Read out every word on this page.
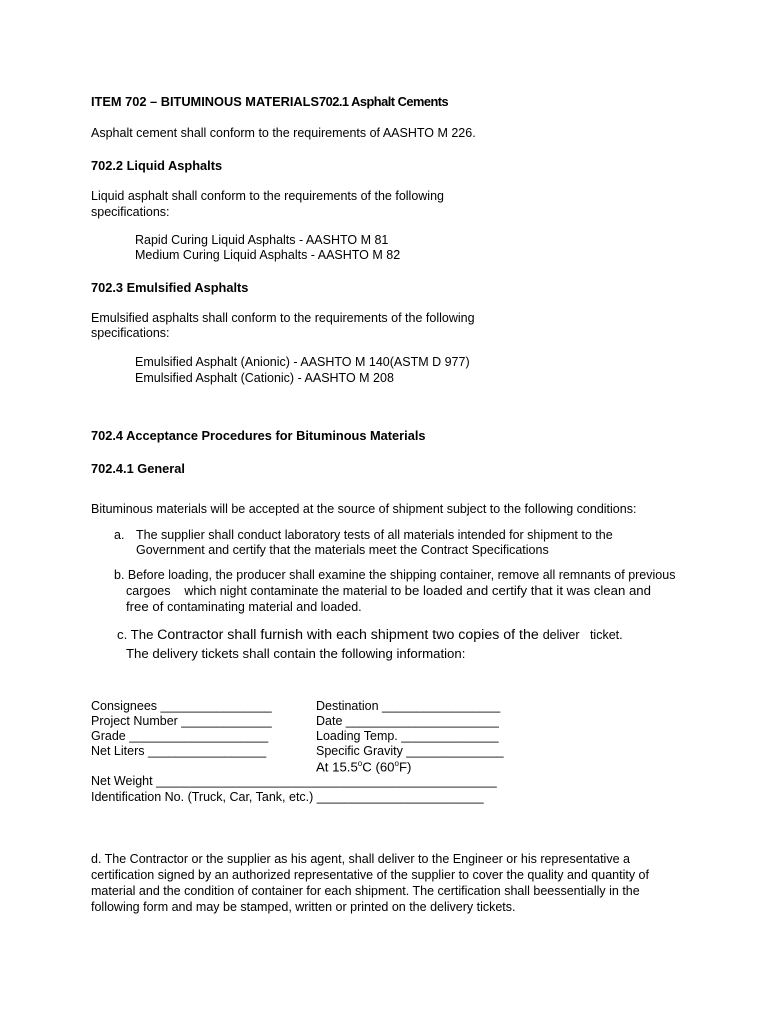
ITEM 702 – BITUMINOUS MATERIALS702.1 Asphalt Cements
Asphalt cement shall conform to the requirements of AASHTO M 226.
702.2 Liquid Asphalts
Liquid asphalt shall conform to the requirements of the following
specifications:
Rapid Curing Liquid Asphalts - AASHTO M 81
Medium Curing Liquid Asphalts - AASHTO M 82
702.3 Emulsified Asphalts
Emulsified asphalts shall conform to the requirements of the following
specifications:
Emulsified Asphalt (Anionic) - AASHTO M 140(ASTM D 977)
Emulsified Asphalt (Cationic) - AASHTO M 208
702.4 Acceptance Procedures for Bituminous Materials
702.4.1 General
Bituminous materials will be accepted at the source of shipment subject to the following conditions:
a. The supplier shall conduct laboratory tests of all materials intended for shipment to the
Government and certify that the materials meet the Contract Specifications
b. Before loading, the producer shall examine the shipping container, remove all remnants of previous
cargoes    which night contaminate the material to be loaded and certify that it was clean and
free of contaminating material and loaded.
c. The Contractor shall furnish with each shipment two copies of the deliver   ticket.
The delivery tickets shall contain the following information:
Consignees ________________
Project Number _____________
Grade ____________________
Net Liters _________________
Destination _________________
Date ______________________
Loading Temp. ______________
Specific Gravity ______________
At 15.5$^o$C (60$^o$F)
Net Weight _________________________________________________
Identification No. (Truck, Car, Tank, etc.) ________________________
d. The Contractor or the supplier as his agent, shall deliver to the Engineer or his representative a
certification signed by an authorized representative of the supplier to cover the quality and quantity of
material and the condition of container for each shipment. The certification shall beessentially in the
following form and may be stamped, written or printed on the delivery tickets.
